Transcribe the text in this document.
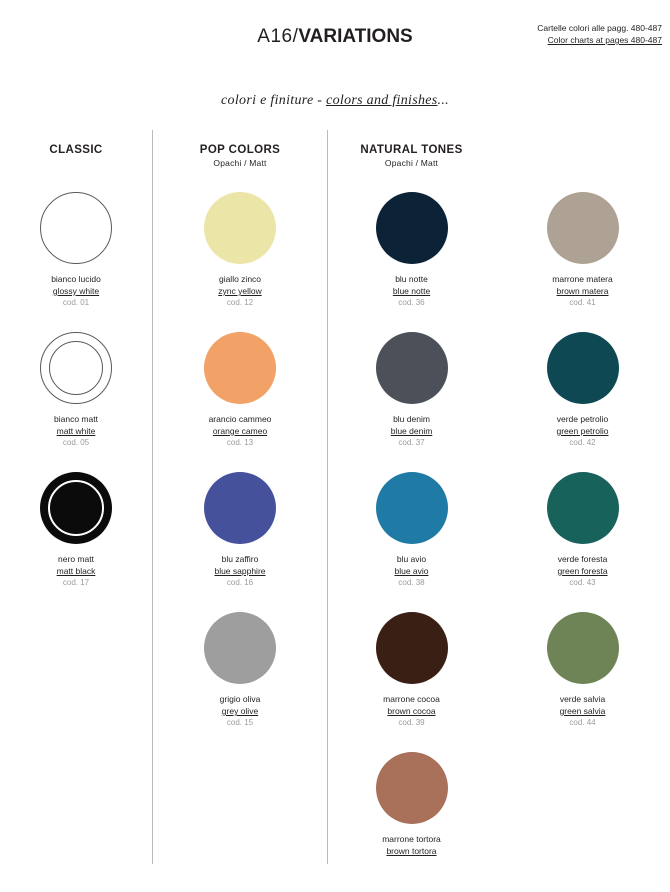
A16/VARIATIONS	Cartelle colori alle pagg. 480-487
Color charts at pages 480-487
colori e finiture - colors and finishes...
CLASSIC
bianco lucido
glossy white
cod. 01
bianco matt
matt white
cod. 05
nero matt
matt black
cod. 17
POP COLORS
Opachi / Matt
giallo zinco
zync yellow
cod. 12
arancio cammeo
orange cameo
cod. 13
blu zaffiro
blue sapphire
cod. 16
grigio oliva
grey olive
cod. 15
NATURAL TONES
Opachi / Matt
blu notte
blue notte
cod. 36
blu denim
blue denim
cod. 37
blu avio
blue avio
cod. 38
marrone cocoa
brown cocoa
cod. 39
marrone tortora
brown tortora
marrone matera
brown matera
cod. 41
verde petrolio
green petrolio
cod. 42
verde foresta
green foresta
cod. 43
verde salvia
green salvia
cod. 44
